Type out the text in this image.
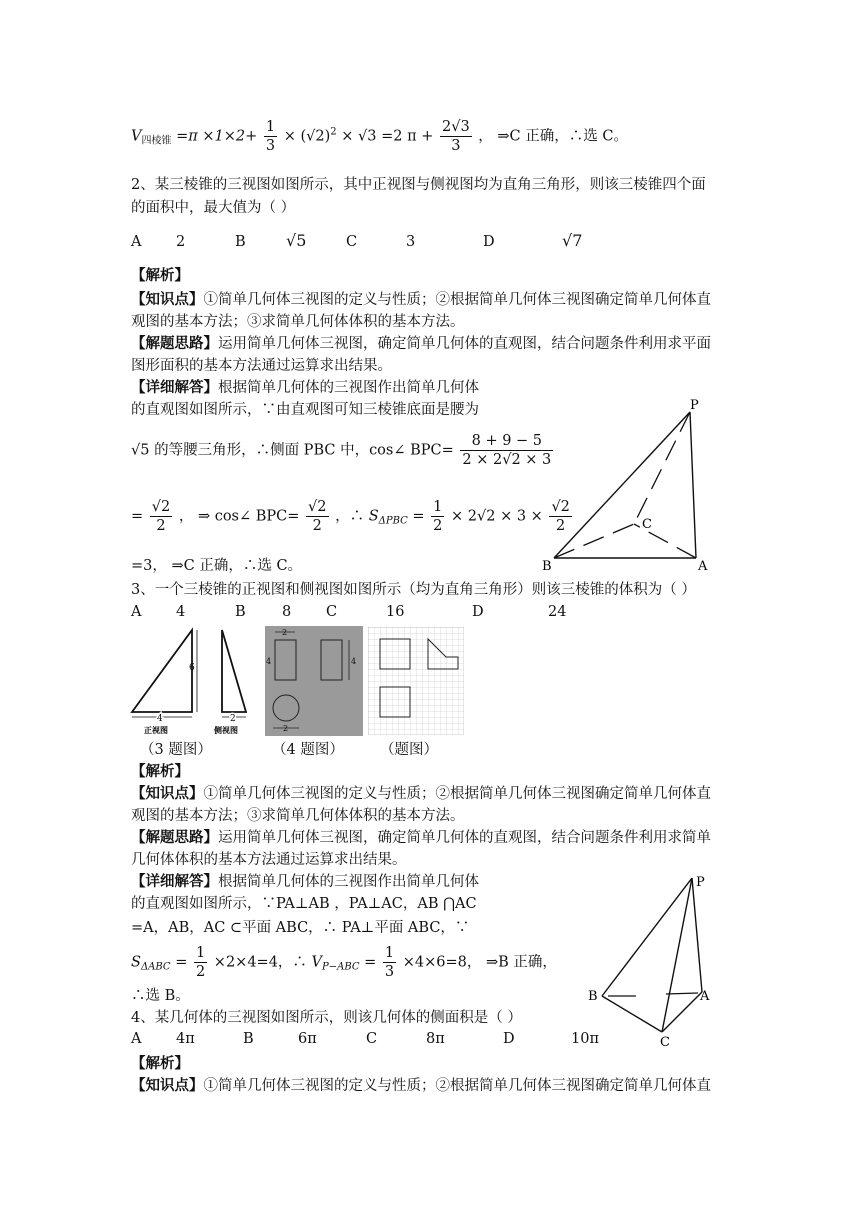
$V_{四棱锥} =\pi \times 1\times 2+ \frac{1}{3} \times (√2)^2 \times √3 =2$ $\pi + \frac{2√3}{3}$ ， ⇒C 正确，∴选 C。
2、某三棱锥的三视图如图所示，其中正视图与侧视图均为直角三角形，则该三棱锥四个面
的面积中，最大值为（ ）
A 2	B	√5	C	3	D	√7
【解析】
【知识点】①简单几何体三视图的定义与性质；②根据简单几何体三视图确定简单几何体直
观图的基本方法；③求简单几何体体积的基本方法。
【解题思路】运用简单几何体三视图，确定简单几何体的直观图，结合问题条件利用求平面
图形面积的基本方法通过运算求出结果。
【详细解答】根据简单几何体的三视图作出简单几何体
的直观图如图所示，∵由直观图可知三棱锥底面是腰为
√5 的等腰三角形，∴侧面 PBC 中，cos∠ $BPC= \frac{8 + 9 - 5}{2 \times 2√2 \times 3}$
= $\frac{√2}{2}$ ， ⇒ cos∠ $BPC= \frac{√2}{2}$ ，∴ $S_{\Delta PBC} = \frac{1}{2} \times 2√2 \times 3 \times \frac{√2}{2}$
=3， ⇒C 正确，∴选 C。
P
B	A
C
3、一个三棱锥的正视图和侧视图如图所示（均为直角三角形）则该三棱锥的体积为（ ）
A 4	B	8 C	16	D	24
6
4	2
正视图	侧视图
2
4	4
2
（3 题图）	（4 题图） （题图）
【解析】
【知识点】①简单几何体三视图的定义与性质；②根据简单几何体三视图确定简单几何体直
观图的基本方法；③求简单几何体体积的基本方法。
【解题思路】运用简单几何体三视图，确定简单几何体的直观图，结合问题条件利用求简单
几何体体积的基本方法通过运算求出结果。
【详细解答】根据简单几何体的三视图作出简单几何体
的直观图如图所示，∵PA⊥AB ，PA⊥AC，AB ⋂AC
=A，AB，AC ⊂平面 ABC，∴ PA⊥平面 ABC，∵
$S_{\Delta ABC} = \frac{1}{2} \times 2\times 4=4$，∴ $V_{P-ABC} = \frac{1}{3} \times 4\times 6=8$， ⇒B 正确，
∴选 B。
P
B	A
C
4、某几何体的三视图如图所示，则该几何体的侧面积是（ ）
A 4π	B	6π	C	8π	D	10π
【解析】
【知识点】①简单几何体三视图的定义与性质；②根据简单几何体三视图确定简单几何体直
